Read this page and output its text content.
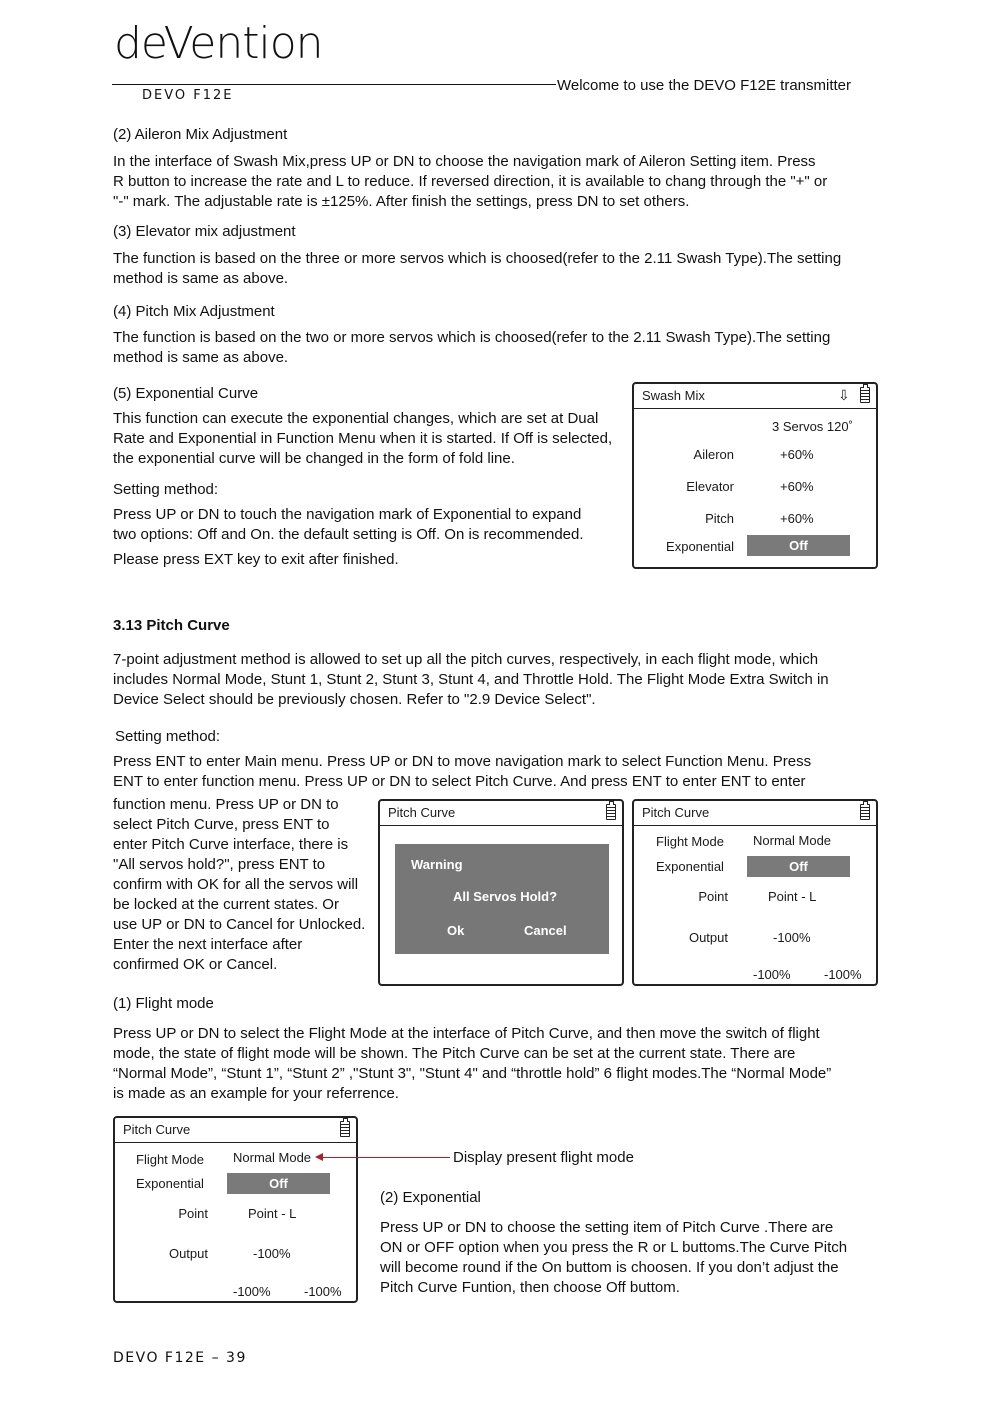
deVention
DEVO F12E
Welcome to use the DEVO F12E transmitter
(2) Aileron Mix Adjustment
In the interface of Swash Mix,press UP or DN to choose the navigation mark of Aileron Setting item. Press
R button to increase the rate and L to reduce. If reversed direction, it is available to chang through the "+" or
"-" mark. The adjustable rate is ±125%. After finish the settings, press DN to set others.
(3) Elevator mix adjustment
The function is based on the three or more servos which is choosed(refer to the 2.11 Swash Type).The setting
method is same as above.
(4) Pitch Mix Adjustment
The function is based on the two or more servos which is choosed(refer to the 2.11 Swash Type).The setting
method is same as above.
(5) Exponential Curve
This function can execute the exponential changes, which are set at Dual
Rate and Exponential in Function Menu when it is started. If Off is selected,
the exponential curve will be changed in the form of fold line.
Setting method:
Press UP or DN to touch the navigation mark of Exponential to expand
two options: Off and On. the default setting is Off. On is recommended.
Please press EXT key to exit after finished.
Swash Mix	⇩
3 Servos 120˚
Aileron	+60%
Elevator	+60%
Pitch	+60%
Exponential	Off
3.13 Pitch Curve
7-point adjustment method is allowed to set up all the pitch curves, respectively, in each flight mode, which
includes Normal Mode, Stunt 1, Stunt 2, Stunt 3, Stunt 4, and Throttle Hold. The Flight Mode Extra Switch in
Device Select should be previously chosen. Refer to "2.9 Device Select".
Setting method:
Press ENT to enter Main menu. Press UP or DN to move navigation mark to select Function Menu. Press
ENT to enter function menu. Press UP or DN to select Pitch Curve. And press ENT to enter ENT to enter
function menu. Press UP or DN to
select Pitch Curve, press ENT to
enter Pitch Curve interface, there is
"All servos hold?", press ENT to
confirm with OK for all the servos will
be locked at the current states. Or
use UP or DN to Cancel for Unlocked.
Enter the next interface after
confirmed OK or Cancel.
Pitch Curve
Warning
All Servos Hold?
Ok	Cancel
Pitch Curve
Flight Mode Normal Mode
Exponential	Off
Point	Point - L
Output	-100%
-100%	-100%
(1) Flight mode
Press UP or DN to select the Flight Mode at the interface of Pitch Curve, and then move the switch of flight
mode, the state of flight mode will be shown. The Pitch Curve can be set at the current state. There are
“Normal Mode”, “Stunt 1”, “Stunt 2” ,"Stunt 3", "Stunt 4" and “throttle hold” 6 flight modes.The “Normal Mode”
is made as an example for your referrence.
Pitch Curve
Flight Mode Normal Mode
Exponential	Off
Point	Point - L
Output	-100%
-100%	-100%
Display present flight mode
(2) Exponential
Press UP or DN to choose the setting item of Pitch Curve .There are
ON or OFF option when you press the R or L buttoms.The Curve Pitch
will become round if the On buttom is choosen. If you don’t adjust the
Pitch Curve Funtion, then choose Off buttom.
DEVO F12E – 39
